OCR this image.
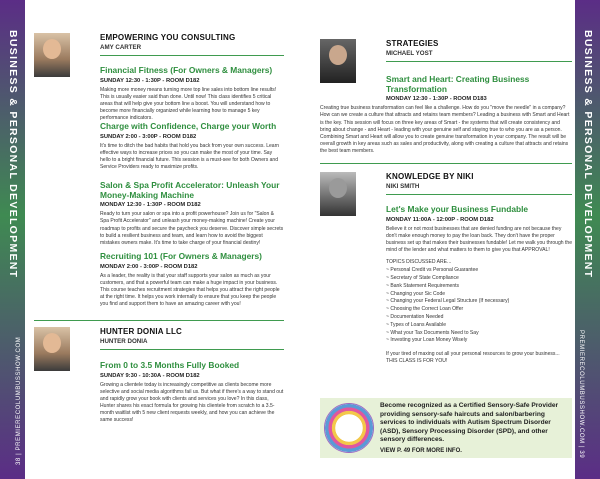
BUSINESS & PERSONAL DEVELOPMENT
38 | PREMIERECOLUMBUSSHOW.COM
BUSINESS & PERSONAL DEVELOPMENT
PREMIERECOLUMBUSSHOW.COM | 39
EMPOWERING YOU CONSULTING
AMY CARTER
Financial Fitness (For Owners & Managers)
SUNDAY 12:30 - 1:30P - ROOM D182
Making more money means turning more top line sales into bottom line results! This is usually easier said than done. Until now! This class identifies 5 critical areas that will help give your bottom line a boost. You will understand how to become more financially organized while learning how to manage 5 key performance indicators.
Charge with Confidence, Charge your Worth
SUNDAY 2:00 - 3:00P - ROOM D182
It's time to ditch the bad habits that hold you back from your own success. Learn effective ways to increase prices so you can make the most of your time. Say hello to a bright financial future. This session is a must-see for both Owners and Service Providers ready to maximize profits.
Salon & Spa Profit Accelerator: Unleash Your Money-Making Machine
MONDAY 12:30 - 1:30P - ROOM D182
Ready to turn your salon or spa into a profit powerhouse? Join us for "Salon & Spa Profit Accelerator" and unleash your money-making machine! Create your roadmap to profits and secure the paycheck you deserve. Discover simple secrets to build a resilient business and team, and learn how to avoid the biggest mistakes owners make. It's time to take charge of your financial destiny!
Recruiting 101 (For Owners & Managers)
MONDAY 2:00 - 3:00P - ROOM D182
As a leader, the reality is that your staff supports your salon as much as your customers, and that a powerful team can make a huge impact in your business. This course teaches recruitment strategies that helps you attract the right people at the right time. It helps you work internally to ensure that you keep the people you find and support them to have an amazing career with you!
HUNTER DONIA LLC
HUNTER DONIA
From 0 to 3.5 Months Fully Booked
SUNDAY 9:30 - 10:30A - ROOM D182
Growing a clientele today is increasingly competitive as clients become more selective and social media algorithms fail us. But what if there's a way to stand out and rapidly grow your book with clients and services you love? In this class, Hunter shares his exact formula for growing his clientele from scratch to a 3.5-month waitlist with 5 new client requests weekly, and how you can achieve the same success!
STRATEGIES
MICHAEL YOST
Smart and Heart: Creating Business Transformation
MONDAY 12:30 - 1:30P - ROOM D183
Creating true business transformation can feel like a challenge. How do you "move the needle" in a company? How can we create a culture that attracts and retains team members? Leading a business with Smart and Heart is the key. This session will focus on three key areas of Smart - the systems that will create consistency and bring about change - and Heart - leading with your genuine self and staying true to who you are as a person. Combining Smart and Heart will allow you to create genuine transformation in your company. The result will be overall growth in key areas such as sales and productivity, along with creating a culture that attracts and retains the best team members.
KNOWLEDGE BY NIKI
NIKI SMITH
Let's Make your Business Fundable
MONDAY 11:00A - 12:00P - ROOM D182
Believe it or not most businesses that are denied funding are not because they don't make enough money to pay the loan back. They don't have the proper business set up that makes their businesses fundable! Let me walk you through the mind of the lender and what matters to them to give you that APPROVAL!
TOPICS DISCUSSED ARE...
~ Personal Credit vs Personal Guarantee
~ Secretary of State Compliance
~ Bank Statement Requirements
~ Changing your Sic Code
~ Changing your Federal Legal Structure (If necessary)
~ Choosing the Correct Loan Offer
~ Documentation Needed
~ Types of Loans Available
~ What your Tax Documents Need to Say
~ Investing your Loan Money Wisely
If your tired of maxing out all your personal resources to grow your business... THIS CLASS IS FOR YOU!
Become recognized as a Certified Sensory-Safe Provider providing sensory-safe haircuts and salon/barbering services to individuals with Autism Spectrum Disorder (ASD), Sensory Processing Disorder (SPD), and other sensory differences.
VIEW P. 49 FOR MORE INFO.
